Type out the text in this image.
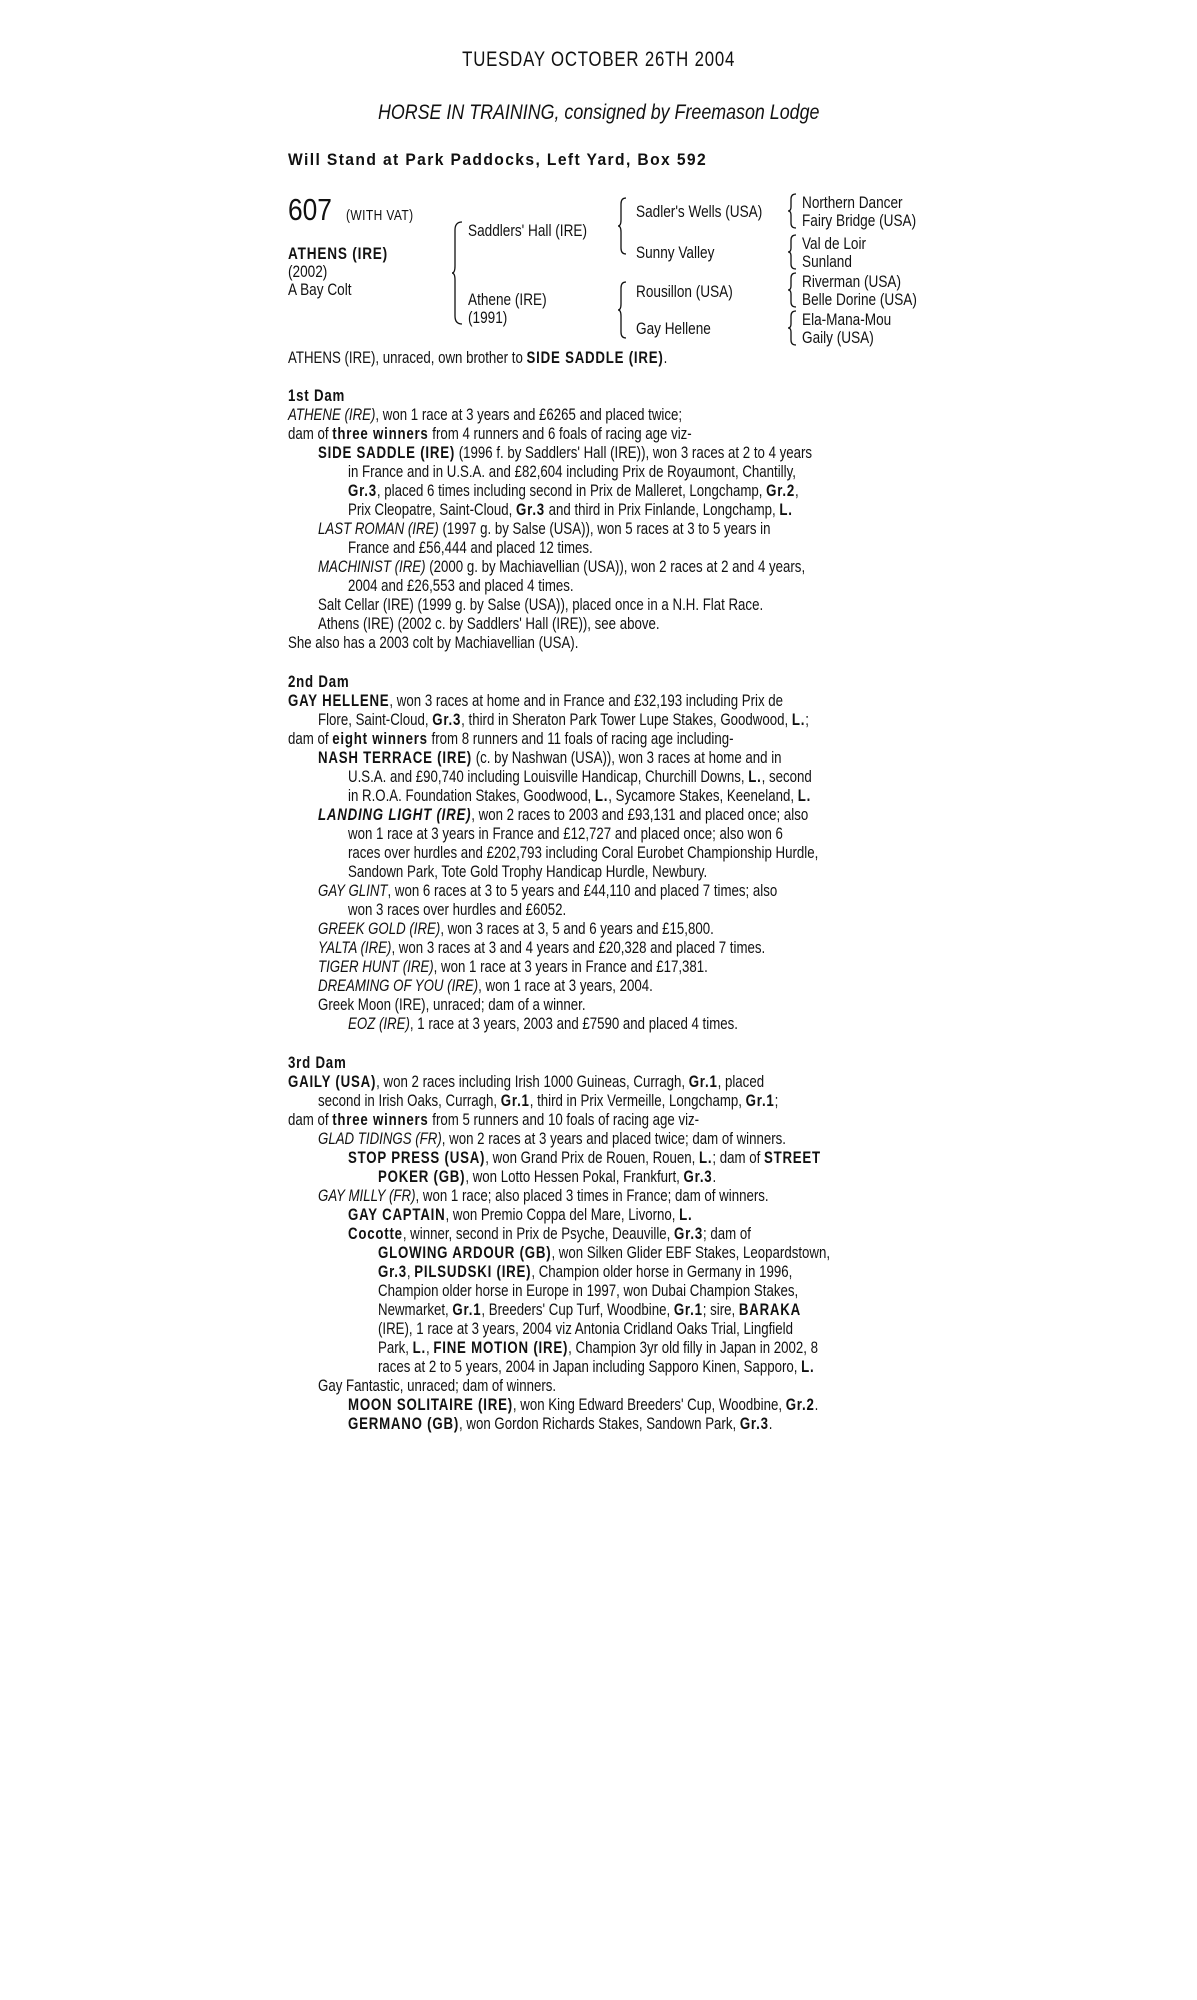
TUESDAY OCTOBER 26TH 2004
HORSE IN TRAINING, consigned by Freemason Lodge
Will Stand at Park Paddocks, Left Yard, Box 592
607 (WITH VAT)
ATHENS (IRE)
(2002)
A Bay Colt
Saddlers' Hall (IRE)
Athene (IRE)
(1991)
Sadler's Wells (USA)
Sunny Valley
Rousillon (USA)
Gay Hellene
Northern Dancer
Fairy Bridge (USA)
Val de Loir
Sunland
Riverman (USA)
Belle Dorine (USA)
Ela-Mana-Mou
Gaily (USA)
ATHENS (IRE), unraced, own brother to SIDE SADDLE (IRE).
1st Dam
ATHENE (IRE), won 1 race at 3 years and £6265 and placed twice;
dam of three winners from 4 runners and 6 foals of racing age viz-
SIDE SADDLE (IRE) (1996 f. by Saddlers' Hall (IRE)), won 3 races at 2 to 4 years
in France and in U.S.A. and £82,604 including Prix de Royaumont, Chantilly,
Gr.3, placed 6 times including second in Prix de Malleret, Longchamp, Gr.2,
Prix Cleopatre, Saint-Cloud, Gr.3 and third in Prix Finlande, Longchamp, L.
LAST ROMAN (IRE) (1997 g. by Salse (USA)), won 5 races at 3 to 5 years in
France and £56,444 and placed 12 times.
MACHINIST (IRE) (2000 g. by Machiavellian (USA)), won 2 races at 2 and 4 years,
2004 and £26,553 and placed 4 times.
Salt Cellar (IRE) (1999 g. by Salse (USA)), placed once in a N.H. Flat Race.
Athens (IRE) (2002 c. by Saddlers' Hall (IRE)), see above.
She also has a 2003 colt by Machiavellian (USA).
2nd Dam
GAY HELLENE, won 3 races at home and in France and £32,193 including Prix de
Flore, Saint-Cloud, Gr.3, third in Sheraton Park Tower Lupe Stakes, Goodwood, L.;
dam of eight winners from 8 runners and 11 foals of racing age including-
NASH TERRACE (IRE) (c. by Nashwan (USA)), won 3 races at home and in
U.S.A. and £90,740 including Louisville Handicap, Churchill Downs, L., second
in R.O.A. Foundation Stakes, Goodwood, L., Sycamore Stakes, Keeneland, L.
LANDING LIGHT (IRE), won 2 races to 2003 and £93,131 and placed once; also
won 1 race at 3 years in France and £12,727 and placed once; also won 6
races over hurdles and £202,793 including Coral Eurobet Championship Hurdle,
Sandown Park, Tote Gold Trophy Handicap Hurdle, Newbury.
GAY GLINT, won 6 races at 3 to 5 years and £44,110 and placed 7 times; also
won 3 races over hurdles and £6052.
GREEK GOLD (IRE), won 3 races at 3, 5 and 6 years and £15,800.
YALTA (IRE), won 3 races at 3 and 4 years and £20,328 and placed 7 times.
TIGER HUNT (IRE), won 1 race at 3 years in France and £17,381.
DREAMING OF YOU (IRE), won 1 race at 3 years, 2004.
Greek Moon (IRE), unraced; dam of a winner.
EOZ (IRE), 1 race at 3 years, 2003 and £7590 and placed 4 times.
3rd Dam
GAILY (USA), won 2 races including Irish 1000 Guineas, Curragh, Gr.1, placed
second in Irish Oaks, Curragh, Gr.1, third in Prix Vermeille, Longchamp, Gr.1;
dam of three winners from 5 runners and 10 foals of racing age viz-
GLAD TIDINGS (FR), won 2 races at 3 years and placed twice; dam of winners.
STOP PRESS (USA), won Grand Prix de Rouen, Rouen, L.; dam of STREET
POKER (GB), won Lotto Hessen Pokal, Frankfurt, Gr.3.
GAY MILLY (FR), won 1 race; also placed 3 times in France; dam of winners.
GAY CAPTAIN, won Premio Coppa del Mare, Livorno, L.
Cocotte, winner, second in Prix de Psyche, Deauville, Gr.3; dam of
GLOWING ARDOUR (GB), won Silken Glider EBF Stakes, Leopardstown,
Gr.3, PILSUDSKI (IRE), Champion older horse in Germany in 1996,
Champion older horse in Europe in 1997, won Dubai Champion Stakes,
Newmarket, Gr.1, Breeders' Cup Turf, Woodbine, Gr.1; sire, BARAKA
(IRE), 1 race at 3 years, 2004 viz Antonia Cridland Oaks Trial, Lingfield
Park, L., FINE MOTION (IRE), Champion 3yr old filly in Japan in 2002, 8
races at 2 to 5 years, 2004 in Japan including Sapporo Kinen, Sapporo, L.
Gay Fantastic, unraced; dam of winners.
MOON SOLITAIRE (IRE), won King Edward Breeders' Cup, Woodbine, Gr.2.
GERMANO (GB), won Gordon Richards Stakes, Sandown Park, Gr.3.
